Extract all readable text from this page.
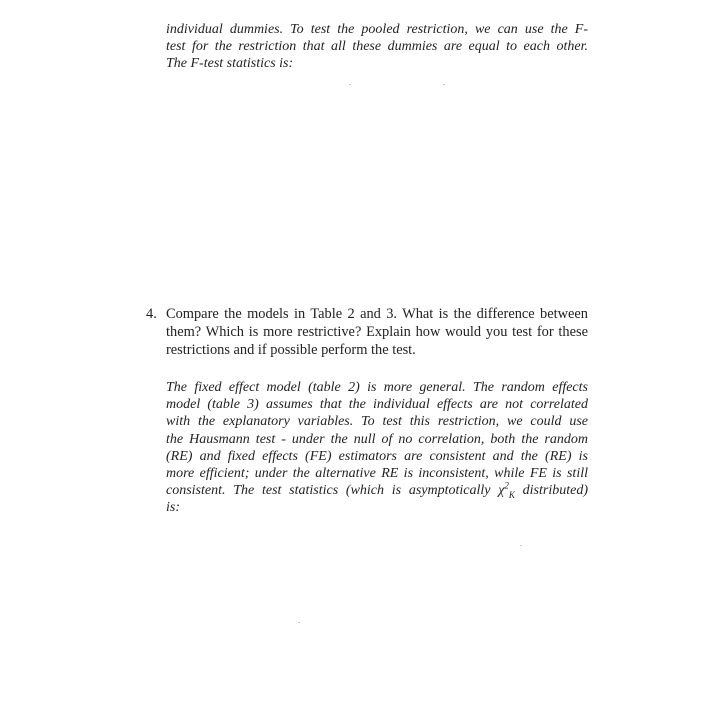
individual dummies. To test the pooled restriction, we can use the F-
test for the restriction that all these dummies are equal to each other.
The F-test statistics is:
4. Compare the models in Table 2 and 3. What is the difference between
them? Which is more restrictive? Explain how would you test for these
restrictions and if possible perform the test.
The fixed effect model (table 2) is more general. The random effects
model (table 3) assumes that the individual effects are not correlated
with the explanatory variables. To test this restriction, we could use
the Hausmann test - under the null of no correlation, both the random
(RE) and fixed effects (FE) estimators are consistent and the (RE) is
more efficient; under the alternative RE is inconsistent, while FE is still
consistent. The test statistics (which is asymptotically $\chi^2_K$ distributed)
is:
